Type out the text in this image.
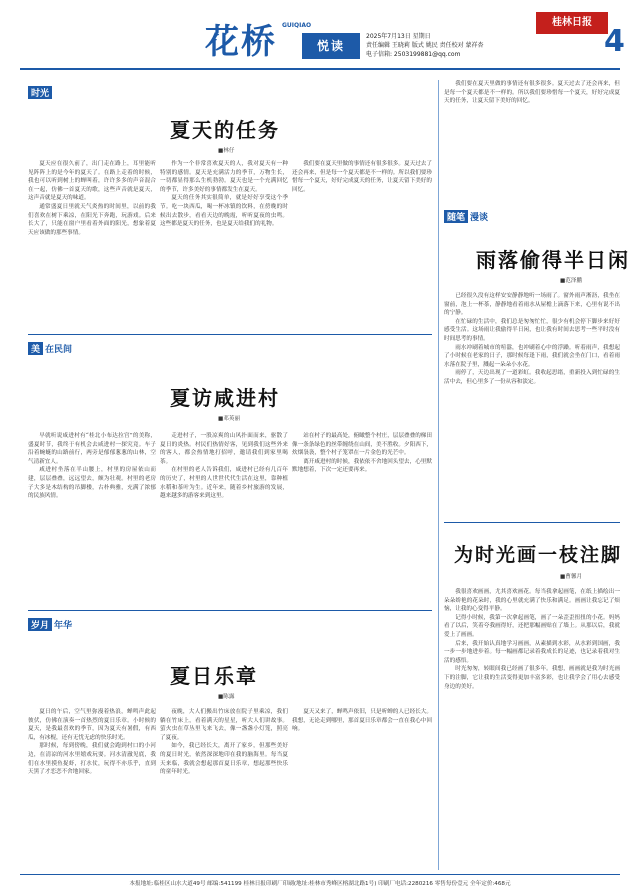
花桥 GUIQIAO
悦读
2025年7月13日 星期日
责任编辑 王晓莉 版式 姚民 责任校对 蒙祥杏
电子信箱: 2503199881@qq.com
桂林日报
4
时光
夏天的任务
■林仔

夏天应在很久前了，出门走在路上，耳里能听见阵阵上的是今年的夏天了。在路上走着的时候，我也可以听到树上的蝉叫着，许许多多的声音混合在一起，仿佛一首夏天的歌，这些声音就是夏天，这声音就是夏天的味道。

通常盛夏日里就天气炎热的时间里，以前的我们喜欢在树下乘凉，在阳光下奔跑，玩游戏。后来长大了，只能在窗户里看着外面的阳光，想象着夏天应该做的那些事情。

作为一个非常喜欢夏天的人，我对夏天有一种特别的感情。夏天是充满活力的季节，万物生长，一切都显得那么生机勃勃。夏天也是一个充满回忆的季节，许多美好的事情都发生在夏天。

夏天的任务其实很简单，就是好好享受这个季节。吃一块西瓜，喝一杯冰镇的饮料，在傍晚的时候出去散步，看看天边的晚霞，听听夏夜的虫鸣。这些都是夏天的任务，也是夏天给我们的礼物。

我们要在夏天里做的事情还有很多很多。夏天过去了还会再来，但是每一个夏天都是不一样的。所以我们要珍惜每一个夏天，好好完成夏天的任务，让夏天留下美好的回忆。

美 在民间
夏访咸进村
■邓英丽

早就听说咸进村有“桂北小布达拉宫”的美称，盛夏时节，我终于有机会去咸进村一探究竟。车子沿着蜿蜒的山路前行，两旁是郁郁葱葱的山林，空气清新宜人。

咸进村坐落在半山腰上，村里的房屋依山而建，层层叠叠，远远望去，颇为壮观。村里的老房子大多是木结构的吊脚楼，古朴典雅，充满了浓郁的民族风情。

走进村子，一股凉爽的山风扑面而来，驱散了夏日的炎热。村民们热情好客，见到我们这些外来的客人，都会热情地打招呼，邀请我们到家里喝茶。

在村里的老人告诉我们，咸进村已经有几百年的历史了，村里的人世世代代生活在这里，靠种植水稻和茶叶为生。近年来，随着乡村旅游的发展，越来越多的游客来到这里。

站在村子的最高处，俯瞰整个村庄，层层叠叠的梯田像一条条绿色的丝带缠绕在山间，美不胜收。夕阳西下，炊烟袅袅，整个村子笼罩在一片金色的光芒中。

离开咸进村的时候，我依依不舍地回头望去，心里默默地想着，下次一定还要再来。

岁月 年华
夏日乐章
■陈露

夏日的午后，空气里弥漫着热浪，蝉鸣声此起彼伏，仿佛在演奏一首热烈的夏日乐章。小时候的夏天，是我最喜欢的季节，因为夏天有暑假，有西瓜，有冰棍，还有无忧无虑的快乐时光。

那时候，每到傍晚，我们就会跑到村口的小河边，在清凉的河水里嬉戏玩耍。河水清澈见底，我们在水里摸鱼捉虾，打水仗，玩得不亦乐乎，直到天黑了才恋恋不舍地回家。

夜晚，大人们搬出竹床放在院子里乘凉，我们躺在竹床上，看着满天的星星，听大人们讲故事。萤火虫在草丛里飞来飞去，像一盏盏小灯笼，照亮了夏夜。

如今，我已经长大，离开了家乡，但那些美好的夏日时光，依然深深地印在我的脑海里。每当夏天来临，我就会想起那首夏日乐章，想起那些快乐的童年时光。

夏天又来了，蝉鸣声依旧，只是听蝉的人已经长大。我想，无论走到哪里，那首夏日乐章都会一直在我心中回响。

我们要在夏天里做的事情还有很多很多。夏天过去了还会再来，但是每一个夏天都是不一样的。所以我们要珍惜每一个夏天，好好完成夏天的任务，让夏天留下美好的回忆。

随笔 漫谈
雨落偷得半日闲
■范泽鹏

已经很久没有这样安安静静地听一场雨了。窗外雨声淅沥，我坐在窗前，泡上一杯茶，静静地看着雨水从屋檐上滴落下来，心里有说不出的宁静。

在忙碌的生活中，我们总是匆匆忙忙，很少有机会停下脚步来好好感受生活。这场雨让我偷得半日闲，也让我有时间去思考一些平时没有时间思考的事情。

雨水冲刷着城市的喧嚣，也冲刷着心中的浮躁。听着雨声，我想起了小时候在老家的日子，那时候每逢下雨，我们就会坐在门口，看着雨水落在院子里，溅起一朵朵小水花。

雨停了，天边出现了一道彩虹。我收起思绪，重新投入到忙碌的生活中去，但心里多了一份从容和淡定。

为时光画一枝注脚
■曹馨月

我很喜欢画画，尤其喜欢画花。每当我拿起画笔，在纸上描绘出一朵朵娇艳的花朵时，我的心里就充满了快乐和满足。画画让我忘记了烦恼，让我的心变得平静。

记得小时候，我第一次拿起画笔，画了一朵歪歪扭扭的小花。妈妈看了以后，笑着夸我画得好，还把那幅画贴在了墙上。从那以后，我就爱上了画画。

后来，我开始认真地学习画画，从素描到水彩，从水彩到国画，我一步一步地进步着。每一幅画都记录着我成长的足迹，也记录着我对生活的感悟。

时光匆匆，转眼间我已经画了很多年。我想，画画就是我为时光画下的注脚，它让我的生活变得更加丰富多彩，也让我学会了用心去感受身边的美好。

本报地址:临桂区山水大道49号 邮编:541199 桂林日报印刷厂印刷(地址:桂林市秀峰区榕湖北路1号) 印刷厂电话:2280216 零售每份壹元 全年定价:468元
